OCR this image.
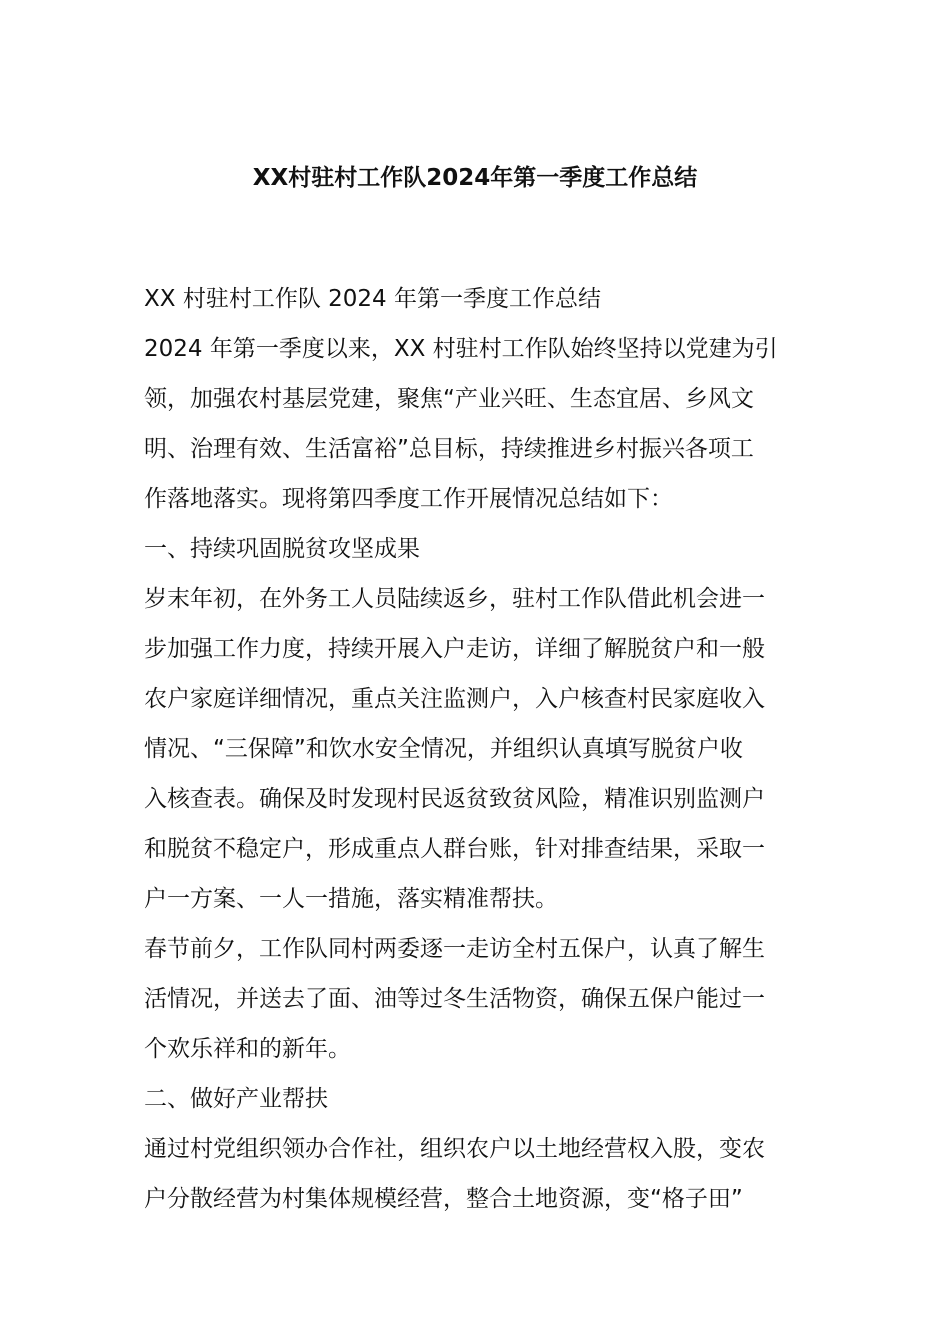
XX村驻村工作队2024年第一季度工作总结
XX 村驻村工作队 2024 年第一季度工作总结
2024 年第一季度以来，XX 村驻村工作队始终坚持以党建为引
领，加强农村基层党建，聚焦“产业兴旺、生态宜居、乡风文
明、治理有效、生活富裕”总目标，持续推进乡村振兴各项工
作落地落实。现将第四季度工作开展情况总结如下：
一、持续巩固脱贫攻坚成果
岁末年初，在外务工人员陆续返乡，驻村工作队借此机会进一
步加强工作力度，持续开展入户走访，详细了解脱贫户和一般
农户家庭详细情况，重点关注监测户，入户核查村民家庭收入
情况、“三保障”和饮水安全情况，并组织认真填写脱贫户收
入核查表。确保及时发现村民返贫致贫风险，精准识别监测户
和脱贫不稳定户，形成重点人群台账，针对排查结果，采取一
户一方案、一人一措施，落实精准帮扶。
春节前夕，工作队同村两委逐一走访全村五保户，认真了解生
活情况，并送去了面、油等过冬生活物资，确保五保户能过一
个欢乐祥和的新年。
二、做好产业帮扶
通过村党组织领办合作社，组织农户以土地经营权入股，变农
户分散经营为村集体规模经营，整合土地资源，变“格子田”
